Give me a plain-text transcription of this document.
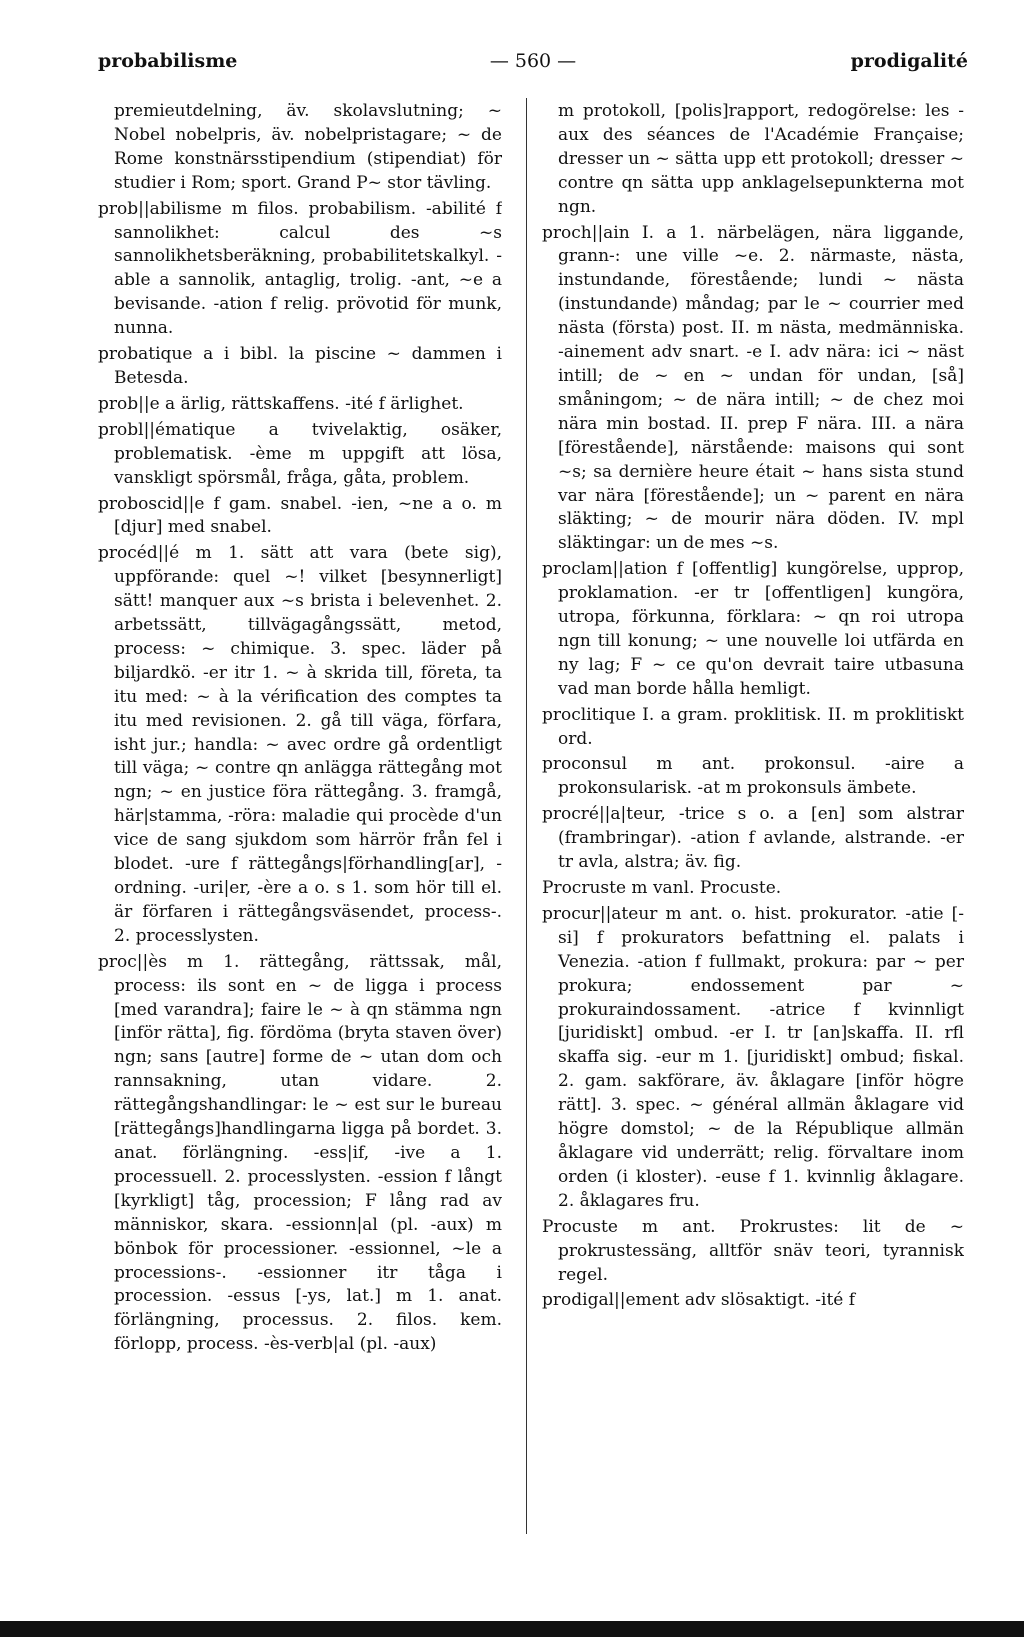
probabilisme	— 560 —	prodigalité

premieutdelning, äv. skolavslutning; ~ Nobel nobelpris, äv. nobelpristagare; ~ de Rome konstnärsstipendium (stipendiat) för studier i Rom; sport. Grand P~ stor tävling.

prob||abilisme m filos. probabilism. -abilité f sannolikhet: calcul des ~s sannolikhetsberäkning, probabilitetskalkyl. -able a sannolik, antaglig, trolig. -ant, ~e a bevisande. -ation f relig. prövotid för munk, nunna.

probatique a i bibl. la piscine ~ dammen i Betesda.

prob||e a ärlig, rättskaffens. -ité f ärlighet.

probl||ématique a tvivelaktig, osäker, problematisk. -ème m uppgift att lösa, vanskligt spörsmål, fråga, gåta, problem.

proboscid||e f gam. snabel. -ien, ~ne a o. m [djur] med snabel.

procéd||é m 1. sätt att vara (bete sig), uppförande: quel ~! vilket [besynnerligt] sätt! manquer aux ~s brista i belevenhet. 2. arbetssätt, tillvägagångssätt, metod, process: ~ chimique. 3. spec. läder på biljardkö. -er itr 1. ~ à skrida till, företa, ta itu med: ~ à la vérification des comptes ta itu med revisionen. 2. gå till väga, förfara, isht jur.; handla: ~ avec ordre gå ordentligt till väga; ~ contre qn anlägga rättegång mot ngn; ~ en justice föra rättegång. 3. framgå, här|stamma, -röra: maladie qui procède d'un vice de sang sjukdom som härrör från fel i blodet. -ure f rättegångs|förhandling[ar], -ordning. -uri|er, -ère a o. s 1. som hör till el. är förfaren i rättegångsväsendet, process-. 2. processlysten.

proc||ès m 1. rättegång, rättssak, mål, process: ils sont en ~ de ligga i process [med varandra]; faire le ~ à qn stämma ngn [inför rätta], fig. fördöma (bryta staven över) ngn; sans [autre] forme de ~ utan dom och rannsakning, utan vidare. 2. rättegångshandlingar: le ~ est sur le bureau [rättegångs]handlingarna ligga på bordet. 3. anat. förlängning. -ess|if, -ive a 1. processuell. 2. processlysten. -ession f långt [kyrkligt] tåg, procession; F lång rad av människor, skara. -essionn|al (pl. -aux) m bönbok för processioner. -essionnel, ~le a processions-. -essionner itr tåga i procession. -essus [-ys, lat.] m 1. anat. förlängning, processus. 2. filos. kem. förlopp, process. -ès-verb|al (pl. -aux)

m protokoll, [polis]rapport, redogörelse: les -aux des séances de l'Académie Française; dresser un ~ sätta upp ett protokoll; dresser ~ contre qn sätta upp anklagelsepunkterna mot ngn.

proch||ain I. a 1. närbelägen, nära liggande, grann-: une ville ~e. 2. närmaste, nästa, instundande, förestående; lundi ~ nästa (instundande) måndag; par le ~ courrier med nästa (första) post. II. m nästa, medmänniska. -ainement adv snart. -e I. adv nära: ici ~ näst intill; de ~ en ~ undan för undan, [så] småningom; ~ de nära intill; ~ de chez moi nära min bostad. II. prep F nära. III. a nära [förestående], närstående: maisons qui sont ~s; sa dernière heure était ~ hans sista stund var nära [förestående]; un ~ parent en nära släkting; ~ de mourir nära döden. IV. mpl släktingar: un de mes ~s.

proclam||ation f [offentlig] kungörelse, upprop, proklamation. -er tr [offentligen] kungöra, utropa, förkunna, förklara: ~ qn roi utropa ngn till konung; ~ une nouvelle loi utfärda en ny lag; F ~ ce qu'on devrait taire utbasuna vad man borde hålla hemligt.

proclitique I. a gram. proklitisk. II. m proklitiskt ord.

proconsul m ant. prokonsul. -aire a prokonsularisk. -at m prokonsuls ämbete.

procré||a|teur, -trice s o. a [en] som alstrar (frambringar). -ation f avlande, alstrande. -er tr avla, alstra; äv. fig.

Procruste m vanl. Procuste.

procur||ateur m ant. o. hist. prokurator. -atie [-si] f prokurators befattning el. palats i Venezia. -ation f fullmakt, prokura: par ~ per prokura; endossement par ~ prokuraindossament. -atrice f kvinnligt [juridiskt] ombud. -er I. tr [an]skaffa. II. rfl skaffa sig. -eur m 1. [juridiskt] ombud; fiskal. 2. gam. sakförare, äv. åklagare [inför högre rätt]. 3. spec. ~ général allmän åklagare vid högre domstol; ~ de la République allmän åklagare vid underrätt; relig. förvaltare inom orden (i kloster). -euse f 1. kvinnlig åklagare. 2. åklagares fru.

Procuste m ant. Prokrustes: lit de ~ prokrustessäng, alltför snäv teori, tyrannisk regel.

prodigal||ement adv slösaktigt. -ité f
